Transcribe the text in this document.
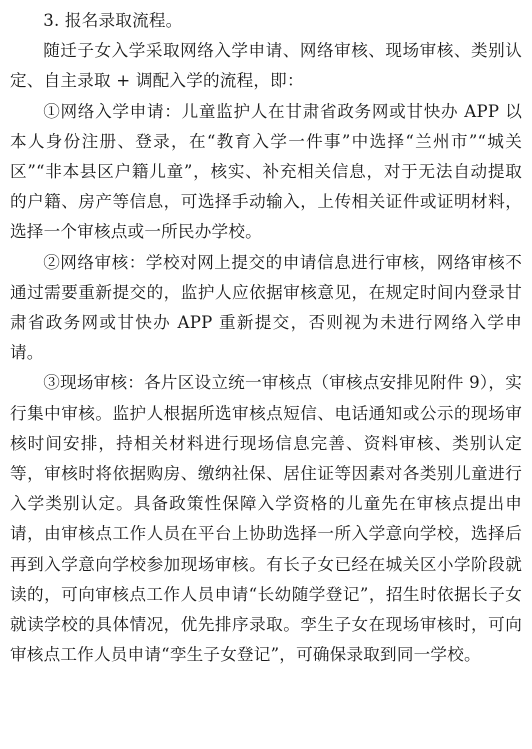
3. 报名录取流程。

随迁子女入学采取网络入学申请、网络审核、现场审核、类别认定、自主录取 + 调配入学的流程，即：

①网络入学申请：儿童监护人在甘肃省政务网或甘快办 APP 以本人身份注册、登录，在“教育入学一件事”中选择“兰州市”“城关区”“非本县区户籍儿童”，核实、补充相关信息，对于无法自动提取的户籍、房产等信息，可选择手动输入，上传相关证件或证明材料，选择一个审核点或一所民办学校。

②网络审核：学校对网上提交的申请信息进行审核，网络审核不通过需要重新提交的，监护人应依据审核意见，在规定时间内登录甘肃省政务网或甘快办 APP 重新提交，否则视为未进行网络入学申请。

③现场审核：各片区设立统一审核点（审核点安排见附件 9），实行集中审核。监护人根据所选审核点短信、电话通知或公示的现场审核时间安排，持相关材料进行现场信息完善、资料审核、类别认定等，审核时将依据购房、缴纳社保、居住证等因素对各类别儿童进行入学类别认定。具备政策性保障入学资格的儿童先在审核点提出申请，由审核点工作人员在平台上协助选择一所入学意向学校，选择后再到入学意向学校参加现场审核。有长子女已经在城关区小学阶段就读的，可向审核点工作人员申请“长幼随学登记”，招生时依据长子女就读学校的具体情况，优先排序录取。孪生子女在现场审核时，可向审核点工作人员申请“孪生子女登记”，可确保录取到同一学校。
